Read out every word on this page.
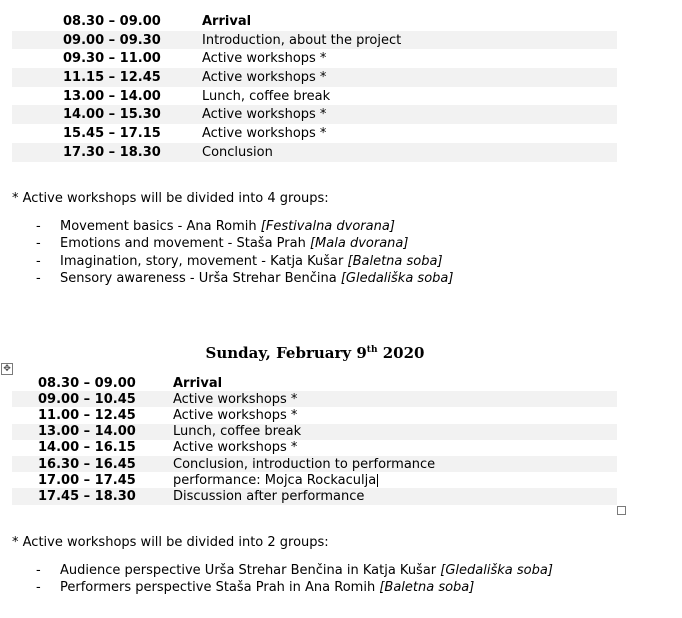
08.30 – 09.00	Arrival
09.00 – 09.30	Introduction, about the project
09.30 – 11.00	Active workshops *
11.15 – 12.45	Active workshops *
13.00 – 14.00	Lunch, coffee break
14.00 – 15.30	Active workshops *
15.45 – 17.15	Active workshops *
17.30 – 18.30	Conclusion
* Active workshops will be divided into 4 groups:
-	Movement basics - Ana Romih [Festivalna dvorana]
-	Emotions and movement - Staša Prah [Mala dvorana]
-	Imagination, story, movement - Katja Kušar [Baletna soba]
-	Sensory awareness - Urša Strehar Benčina [Gledališka soba]
✥
Sunday, February 9th 2020
08.30 – 09.00	Arrival
09.00 – 10.45	Active workshops *
11.00 – 12.45	Active workshops *
13.00 – 14.00	Lunch, coffee break
14.00 – 16.15	Active workshops *
16.30 – 16.45	Conclusion, introduction to performance
17.00 – 17.45	performance: Mojca Rockaculja
17.45 – 18.30	Discussion after performance
* Active workshops will be divided into 2 groups:
-	Audience perspective Urša Strehar Benčina in Katja Kušar [Gledališka soba]
-	Performers perspective Staša Prah in Ana Romih [Baletna soba]
